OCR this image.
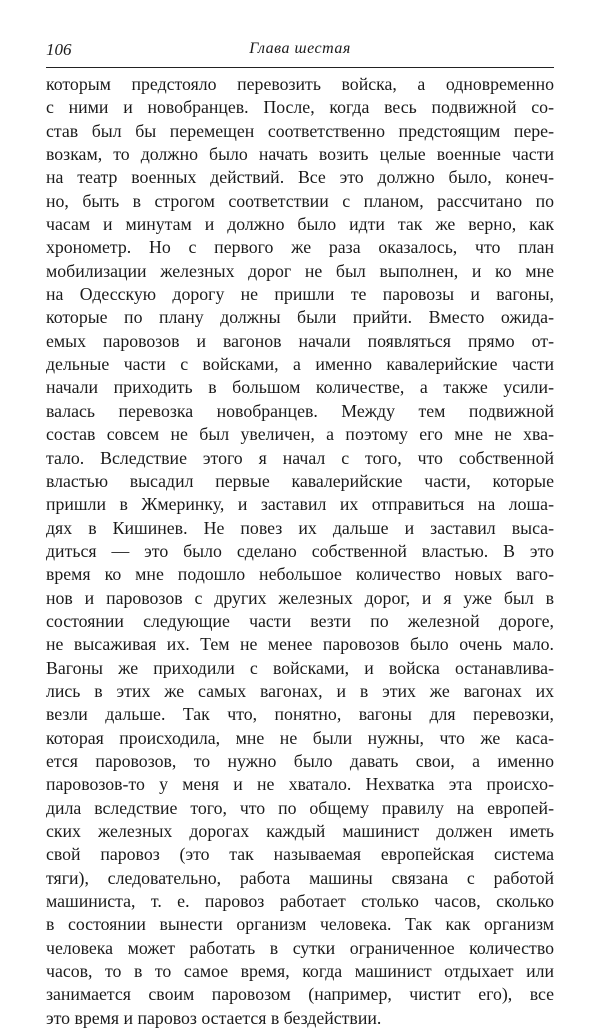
106	Глава шестая
которым предстояло перевозить войска, а одновременно
с ними и новобранцев. После, когда весь подвижной со-
став был бы перемещен соответственно предстоящим пере-
возкам, то должно было начать возить целые военные части
на театр военных действий. Все это должно было, конеч-
но, быть в строгом соответствии с планом, рассчитано по
часам и минутам и должно было идти так же верно, как
хронометр. Но с первого же раза оказалось, что план
мобилизации железных дорог не был выполнен, и ко мне
на Одесскую дорогу не пришли те паровозы и вагоны,
которые по плану должны были прийти. Вместо ожида-
емых паровозов и вагонов начали появляться прямо от-
дельные части с войсками, а именно кавалерийские части
начали приходить в большом количестве, а также усили-
валась перевозка новобранцев. Между тем подвижной
состав совсем не был увеличен, а поэтому его мне не хва-
тало. Вследствие этого я начал с того, что собственной
властью высадил первые кавалерийские части, которые
пришли в Жмеринку, и заставил их отправиться на лоша-
дях в Кишинев. Не повез их дальше и заставил выса-
диться — это было сделано собственной властью. В это
время ко мне подошло небольшое количество новых ваго-
нов и паровозов с других железных дорог, и я уже был в
состоянии следующие части везти по железной дороге,
не высаживая их. Тем не менее паровозов было очень мало.
Вагоны же приходили с войсками, и войска останавлива-
лись в этих же самых вагонах, и в этих же вагонах их
везли дальше. Так что, понятно, вагоны для перевозки,
которая происходила, мне не были нужны, что же каса-
ется паровозов, то нужно было давать свои, а именно
паровозов-то у меня и не хватало. Нехватка эта происхо-
дила вследствие того, что по общему правилу на европей-
ских железных дорогах каждый машинист должен иметь
свой паровоз (это так называемая европейская система
тяги), следовательно, работа машины связана с работой
машиниста, т. е. паровоз работает столько часов, сколько
в состоянии вынести организм человека. Так как организм
человека может работать в сутки ограниченное количество
часов, то в то самое время, когда машинист отдыхает или
занимается своим паровозом (например, чистит его), все
это время и паровоз остается в бездействии.
